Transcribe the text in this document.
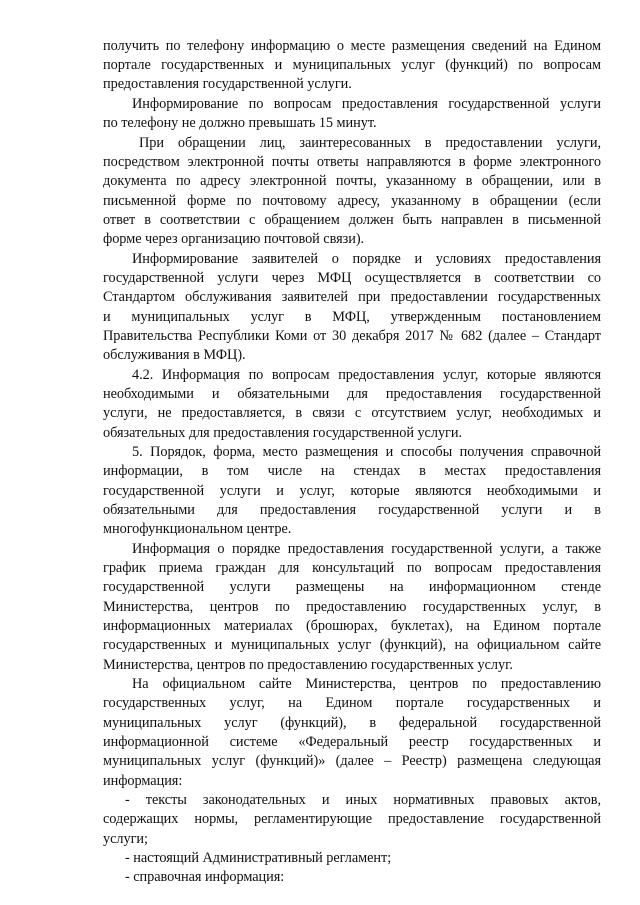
получить по телефону информацию о месте размещения сведений на Едином
портале государственных и муниципальных услуг (функций) по вопросам
предоставления государственной услуги.
Информирование по вопросам предоставления государственной услуги
по телефону не должно превышать 15 минут.
При обращении лиц, заинтересованных в предоставлении услуги,
посредством электронной почты ответы направляются в форме электронного
документа по адресу электронной почты, указанному в обращении, или в
письменной форме по почтовому адресу, указанному в обращении (если
ответ в соответствии с обращением должен быть направлен в письменной
форме через организацию почтовой связи).
Информирование заявителей о порядке и условиях предоставления
государственной услуги через МФЦ осуществляется в соответствии со
Стандартом обслуживания заявителей при предоставлении государственных
и муниципальных услуг в МФЦ, утвержденным постановлением
Правительства Республики Коми от 30 декабря 2017 № 682 (далее – Стандарт
обслуживания в МФЦ).
4.2. Информация по вопросам предоставления услуг, которые являются
необходимыми и обязательными для предоставления государственной
услуги, не предоставляется, в связи с отсутствием услуг, необходимых и
обязательных для предоставления государственной услуги.
5. Порядок, форма, место размещения и способы получения справочной
информации, в том числе на стендах в местах предоставления
государственной услуги и услуг, которые являются необходимыми и
обязательными для предоставления государственной услуги и в
многофункциональном центре.
Информация о порядке предоставления государственной услуги, а также
график приема граждан для консультаций по вопросам предоставления
государственной услуги размещены на информационном стенде
Министерства, центров по предоставлению государственных услуг, в
информационных материалах (брошюрах, буклетах), на Едином портале
государственных и муниципальных услуг (функций), на официальном сайте
Министерства, центров по предоставлению государственных услуг.
На официальном сайте Министерства, центров по предоставлению
государственных услуг, на Едином портале государственных и
муниципальных услуг (функций), в федеральной государственной
информационной системе «Федеральный реестр государственных и
муниципальных услуг (функций)» (далее – Реестр) размещена следующая
информация:
- тексты законодательных и иных нормативных правовых актов,
содержащих нормы, регламентирующие предоставление государственной
услуги;
- настоящий Административный регламент;
- справочная информация:
